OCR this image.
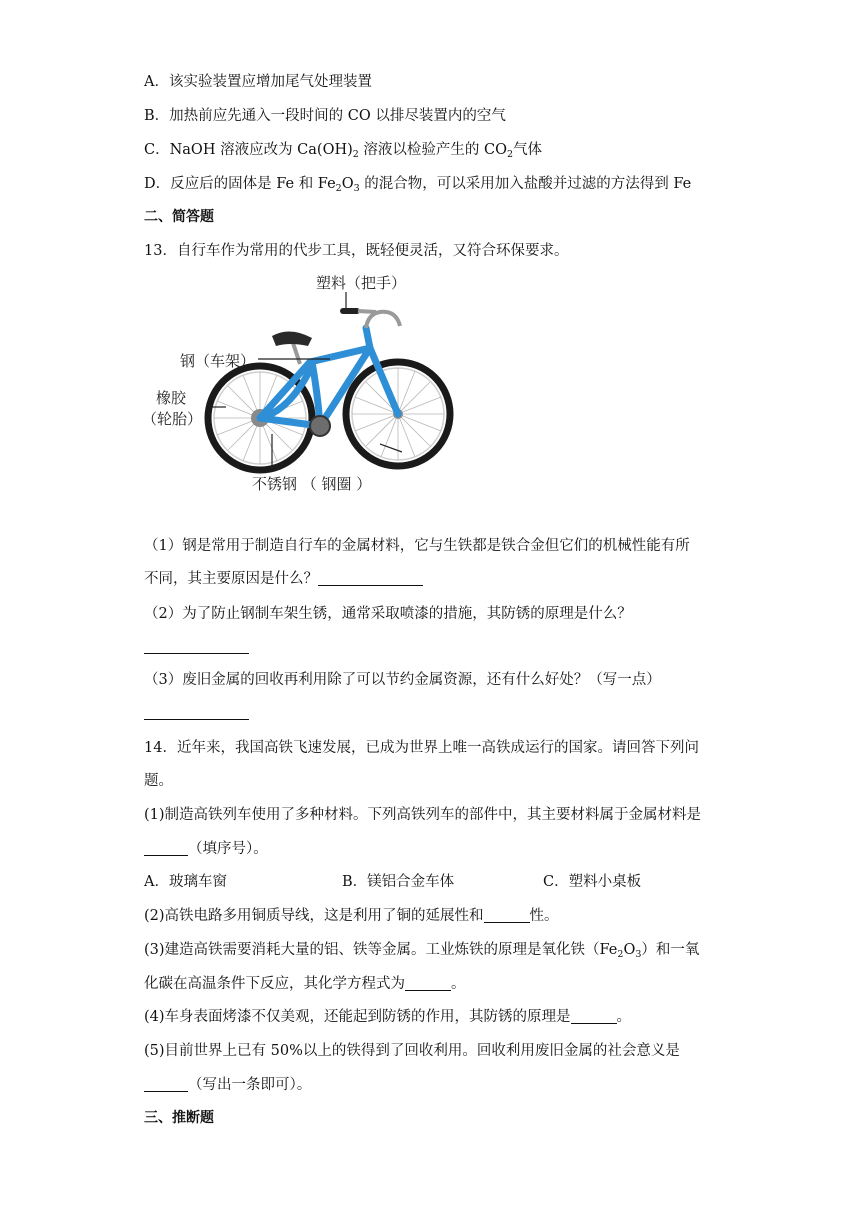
A．该实验装置应增加尾气处理装置
B．加热前应先通入一段时间的 CO 以排尽装置内的空气
C．NaOH 溶液应改为 $Ca(OH)_2$ 溶液以检验产生的 $CO_2$气体
D．反应后的固体是 Fe 和 $Fe_2O_3$ 的混合物，可以采用加入盐酸并过滤的方法得到 Fe
二、简答题
13．自行车作为常用的代步工具，既轻便灵活，又符合环保要求。
塑料（把手）
钢（车架）
橡胶
（轮胎）
不锈钢 （ 钢圈 ）
（1）钢是常用于制造自行车的金属材料，它与生铁都是铁合金但它们的机械性能有所
不同，其主要原因是什么？
（2）为了防止钢制车架生锈，通常采取喷漆的措施，其防锈的原理是什么？
（3）废旧金属的回收再利用除了可以节约金属资源，还有什么好处？（写一点）
14．近年来，我国高铁飞速发展，已成为世界上唯一高铁成运行的国家。请回答下列问
题。
(1)制造高铁列车使用了多种材料。下列高铁列车的部件中，其主要材料属于金属材料是
（填序号）。
A．玻璃车窗	B．镁铝合金车体	C．塑料小桌板
(2)高铁电路多用铜质导线，这是利用了铜的延展性和	性。
(3)建造高铁需要消耗大量的铝、铁等金属。工业炼铁的原理是氧化铁$(Fe_2O_3)$和一氧
化碳在高温条件下反应，其化学方程式为	。
(4)车身表面烤漆不仅美观，还能起到防锈的作用，其防锈的原理是	。
(5)目前世界上已有 50%以上的铁得到了回收利用。回收利用废旧金属的社会意义是
（写出一条即可）。
三、推断题
